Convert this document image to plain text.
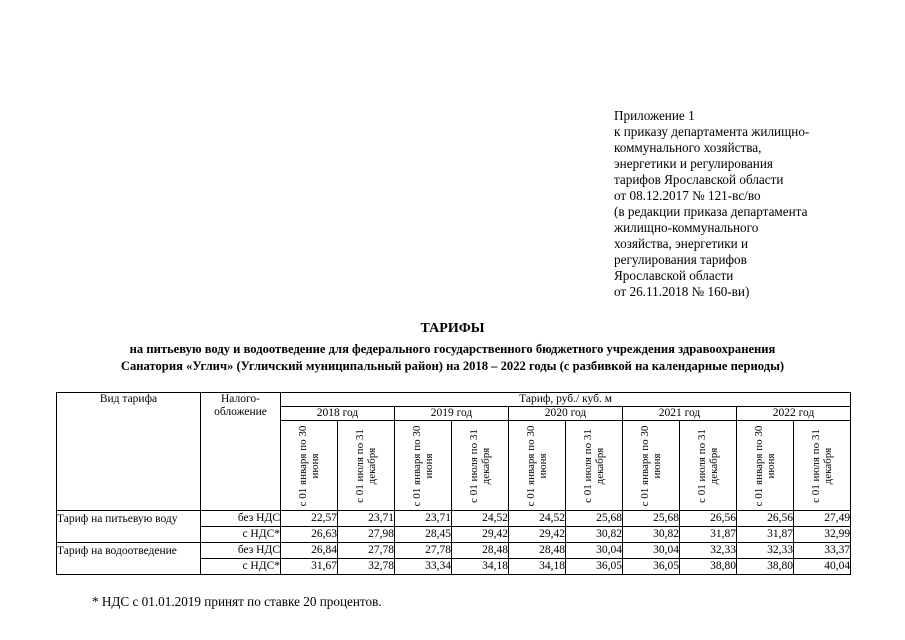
Приложение 1
к приказу департамента жилищно-
коммунального хозяйства,
энергетики и регулирования
тарифов Ярославской области
от 08.12.2017 № 121-вс/во
(в редакции приказа департамента
жилищно-коммунального
хозяйства, энергетики и
регулирования тарифов
Ярославской области
от 26.11.2018 № 160-ви)
ТАРИФЫ
на питьевую воду и водоотведение для федерального государственного бюджетного учреждения здравоохранения
Санатория «Углич» (Угличский муниципальный район) на 2018 – 2022 годы (с разбивкой на календарные периоды)
Вид тарифа	Налого-обложение	Тариф, руб./ куб. м									
		2018 год		2019 год		2020 год		2021 год		2022 год	

		с 01 января по 30 июня	с 01 июля по 31 декабря	с 01 января по 30 июня	с 01 июля по 31 декабря	с 01 января по 30 июня	с 01 июля по 31 декабря	с 01 января по 30 июня	с 01 июля по 31 декабря	с 01 января по 30 июня	с 01 июля по 31 декабря

Тариф на питьевую воду	без НДС	22,57	23,71	23,71	24,52	24,52	25,68	25,68	26,56	26,56	27,49
	с НДС*	26,63	27,98	28,45	29,42	29,42	30,82	30,82	31,87	31,87	32,99
Тариф на водоотведение	без НДС	26,84	27,78	27,78	28,48	28,48	30,04	30,04	32,33	32,33	33,37
	с НДС*	31,67	32,78	33,34	34,18	34,18	36,05	36,05	38,80	38,80	40,04
* НДС с 01.01.2019 принят по ставке 20 процентов.
